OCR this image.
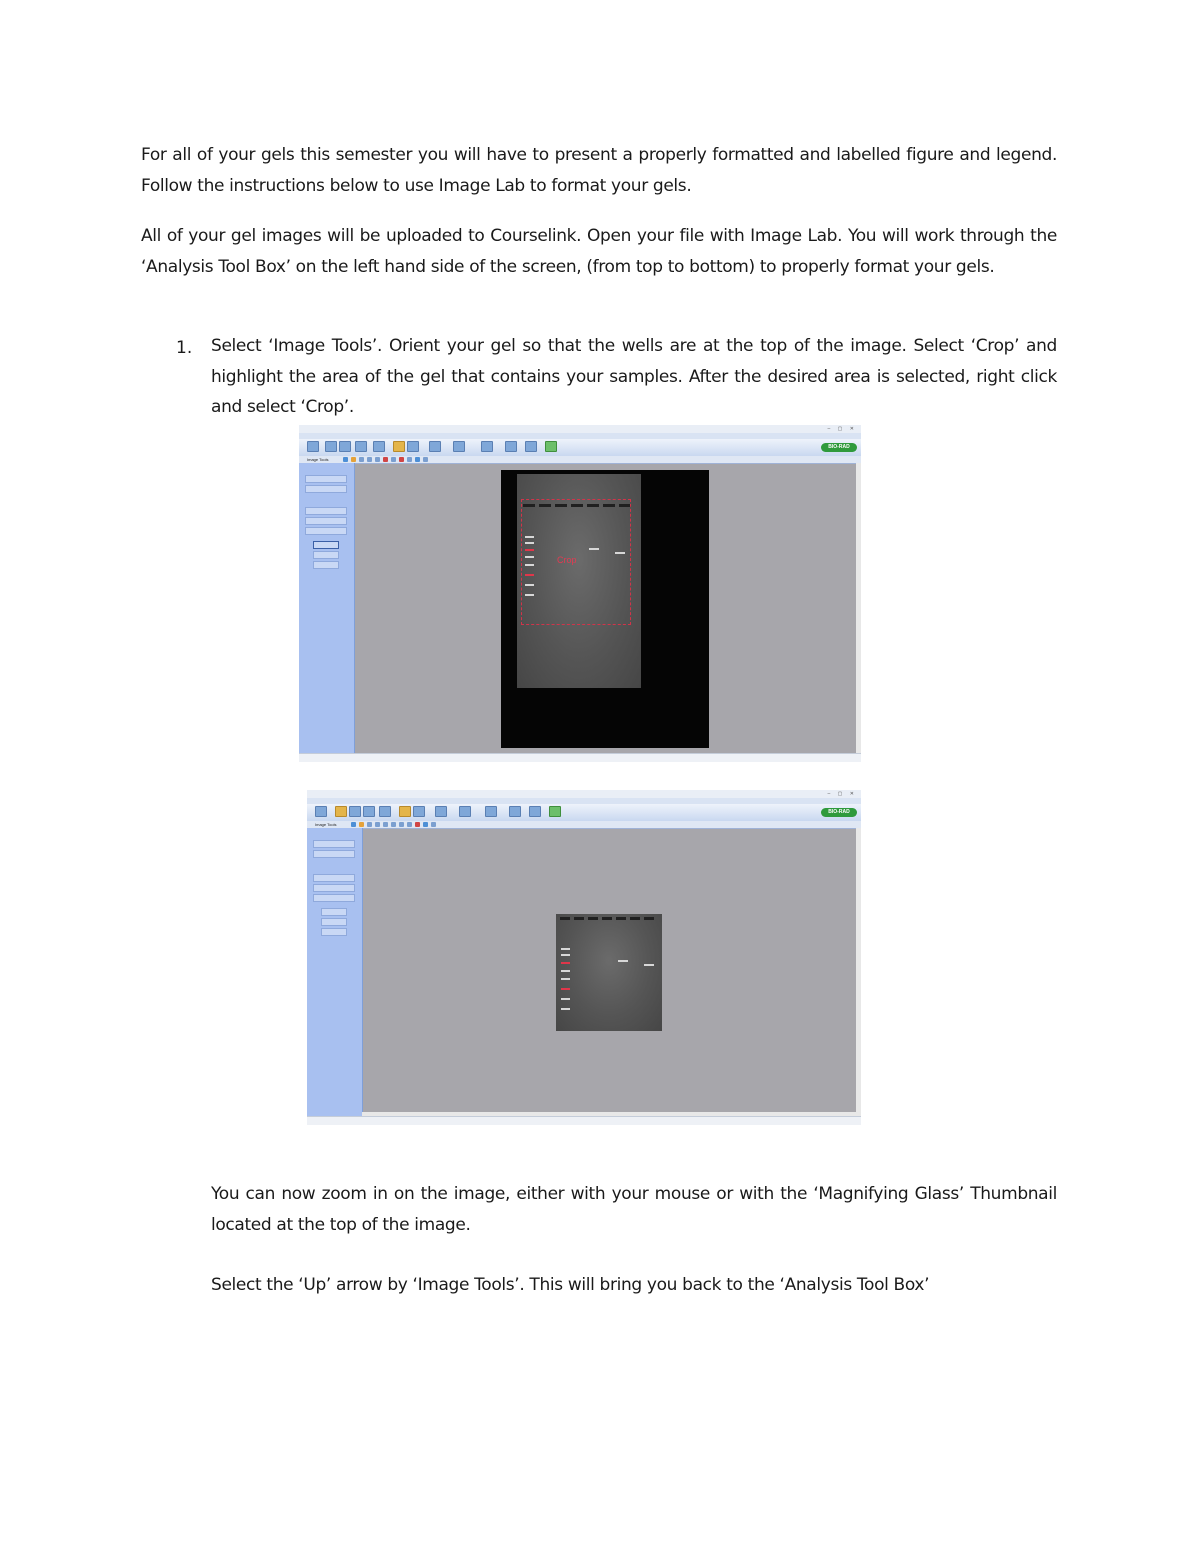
For all of your gels this semester you will have to present a properly formatted and labelled figure and legend. Follow the instructions below to use Image Lab to format your gels.

All of your gel images will be uploaded to Courselink. Open your file with Image Lab. You will work through the ‘Analysis Tool Box’ on the left hand side of the screen, (from top to bottom) to properly format your gels.

1. Select ‘Image Tools’. Orient your gel so that the wells are at the top of the image. Select ‘Crop’ and highlight the area of the gel that contains your samples. After the desired area is selected, right click and select ‘Crop’.

– ▢ ✕
BIO-RAD
Image Tools
Crop
– ▢ ✕
BIO-RAD
Image Tools

You can now zoom in on the image, either with your mouse or with the ‘Magnifying Glass’ Thumbnail located at the top of the image.

Select the ‘Up’ arrow by ‘Image Tools’. This will bring you back to the ‘Analysis Tool Box’
